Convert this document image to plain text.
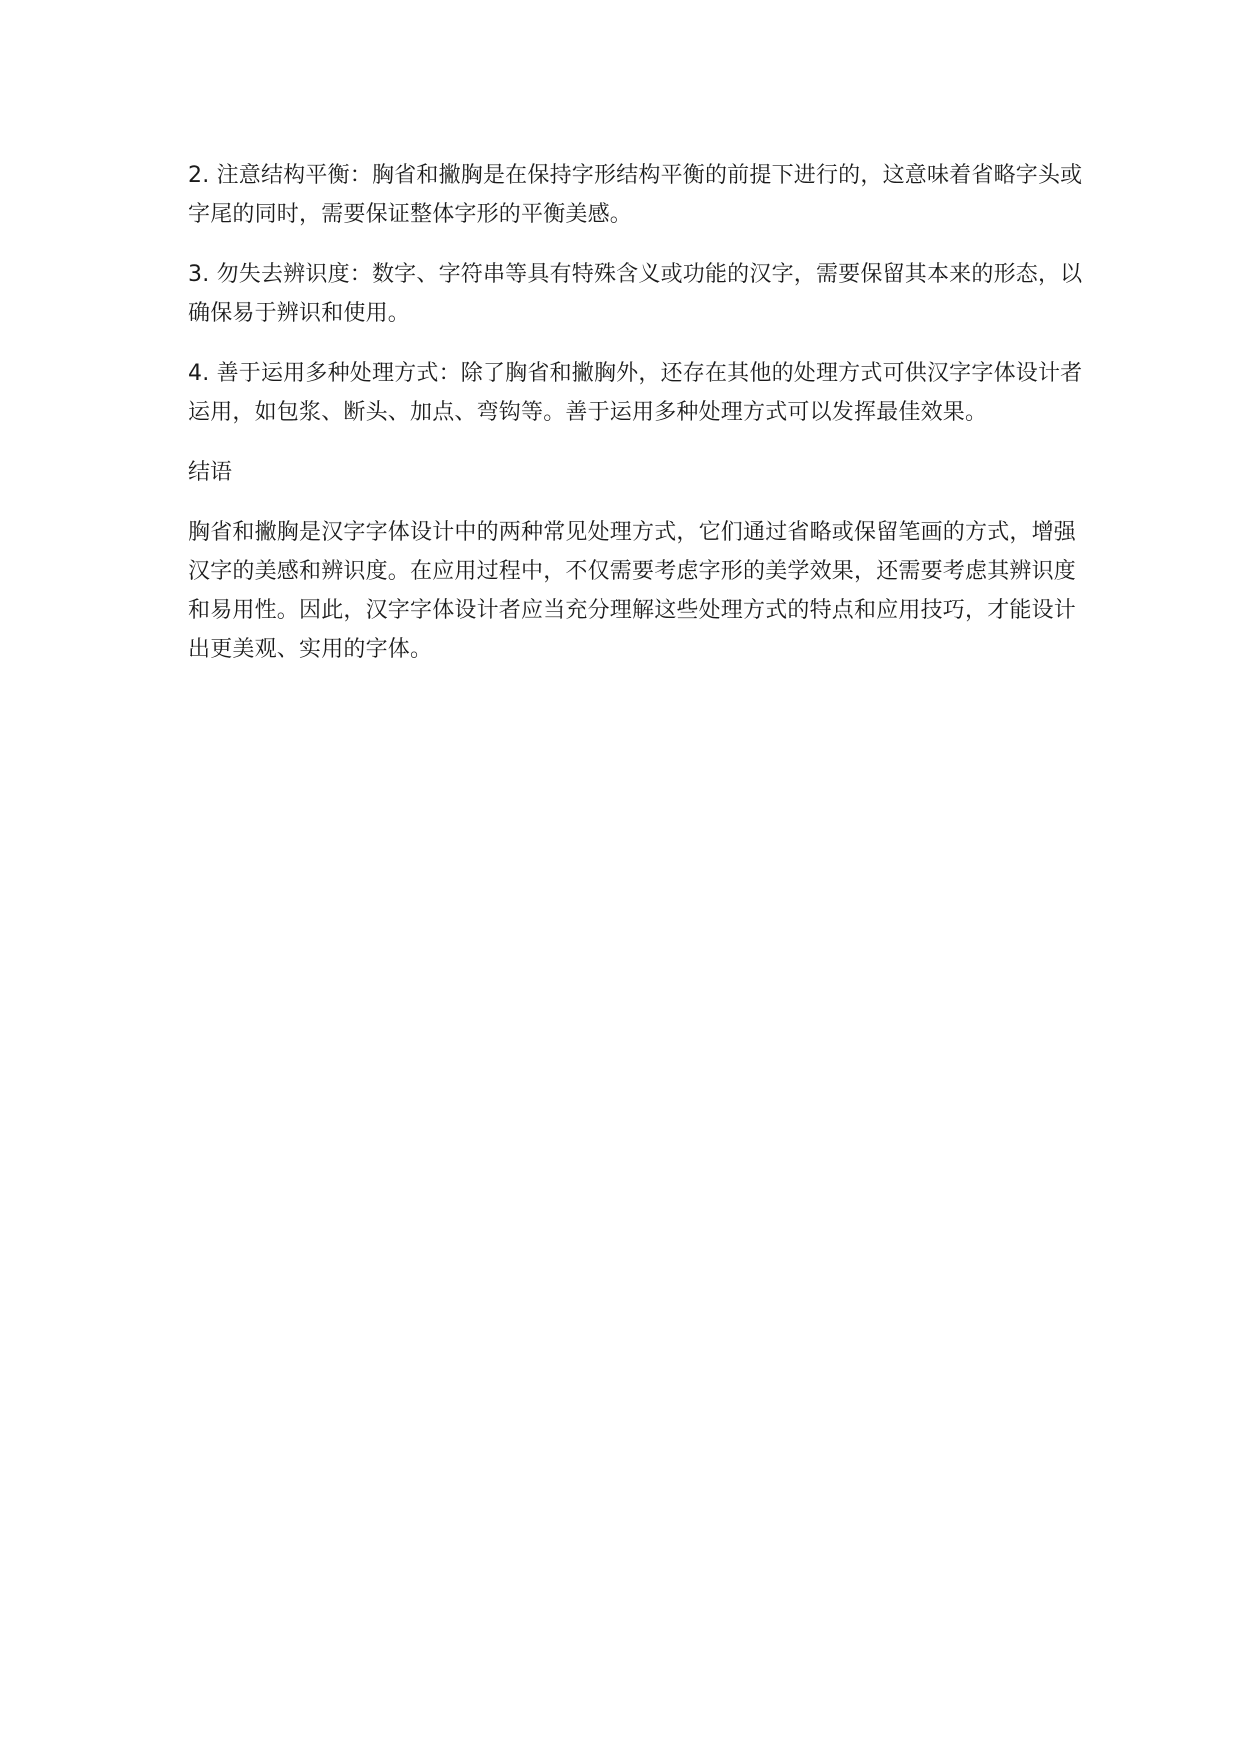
2. 注意结构平衡：胸省和撇胸是在保持字形结构平衡的前提下进行的，这意味着省略字头或字尾的同时，需要保证整体字形的平衡美感。

3. 勿失去辨识度：数字、字符串等具有特殊含义或功能的汉字，需要保留其本来的形态，以确保易于辨识和使用。

4. 善于运用多种处理方式：除了胸省和撇胸外，还存在其他的处理方式可供汉字字体设计者运用，如包浆、断头、加点、弯钩等。善于运用多种处理方式可以发挥最佳效果。

结语

胸省和撇胸是汉字字体设计中的两种常见处理方式，它们通过省略或保留笔画的方式，增强汉字的美感和辨识度。在应用过程中，不仅需要考虑字形的美学效果，还需要考虑其辨识度和易用性。因此，汉字字体设计者应当充分理解这些处理方式的特点和应用技巧，才能设计出更美观、实用的字体。
